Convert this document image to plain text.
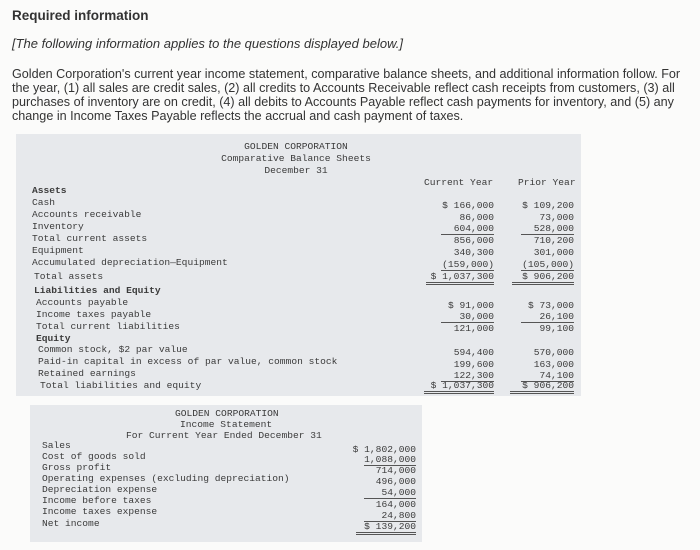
Required information
[The following information applies to the questions displayed below.]
Golden Corporation's current year income statement, comparative balance sheets, and additional information follow. For the year, (1) all sales are credit sales, (2) all credits to Accounts Receivable reflect cash receipts from customers, (3) all purchases of inventory are on credit, (4) all debits to Accounts Payable reflect cash payments for inventory, and (5) any change in Income Taxes Payable reflects the accrual and cash payment of taxes.
GOLDEN CORPORATION
Comparative Balance Sheets
December 31
Current Year	Prior Year
Assets
Cash	$ 166,000	$ 109,200
Accounts receivable	86,000	73,000
Inventory	604,000	528,000
Total current assets	856,000	710,200
Equipment	340,300	301,000
Accumulated depreciation—Equipment	(159,000)	(105,000)
Total assets	$ 1,037,300	$ 906,200
Liabilities and Equity
Accounts payable	$ 91,000	$ 73,000
Income taxes payable	30,000	26,100
Total current liabilities	121,000	99,100
Equity
Common stock, $2 par value	594,400	570,000
Paid-in capital in excess of par value, common stock	199,600	163,000
Retained earnings	122,300	74,100
Total liabilities and equity	$ 1,037,300	$ 906,200
GOLDEN CORPORATION
Income Statement
For Current Year Ended December 31
Sales	$ 1,802,000
Cost of goods sold	1,088,000
Gross profit	714,000
Operating expenses (excluding depreciation)	496,000
Depreciation expense	54,000
Income before taxes	164,000
Income taxes expense	24,800
Net income	$ 139,200
